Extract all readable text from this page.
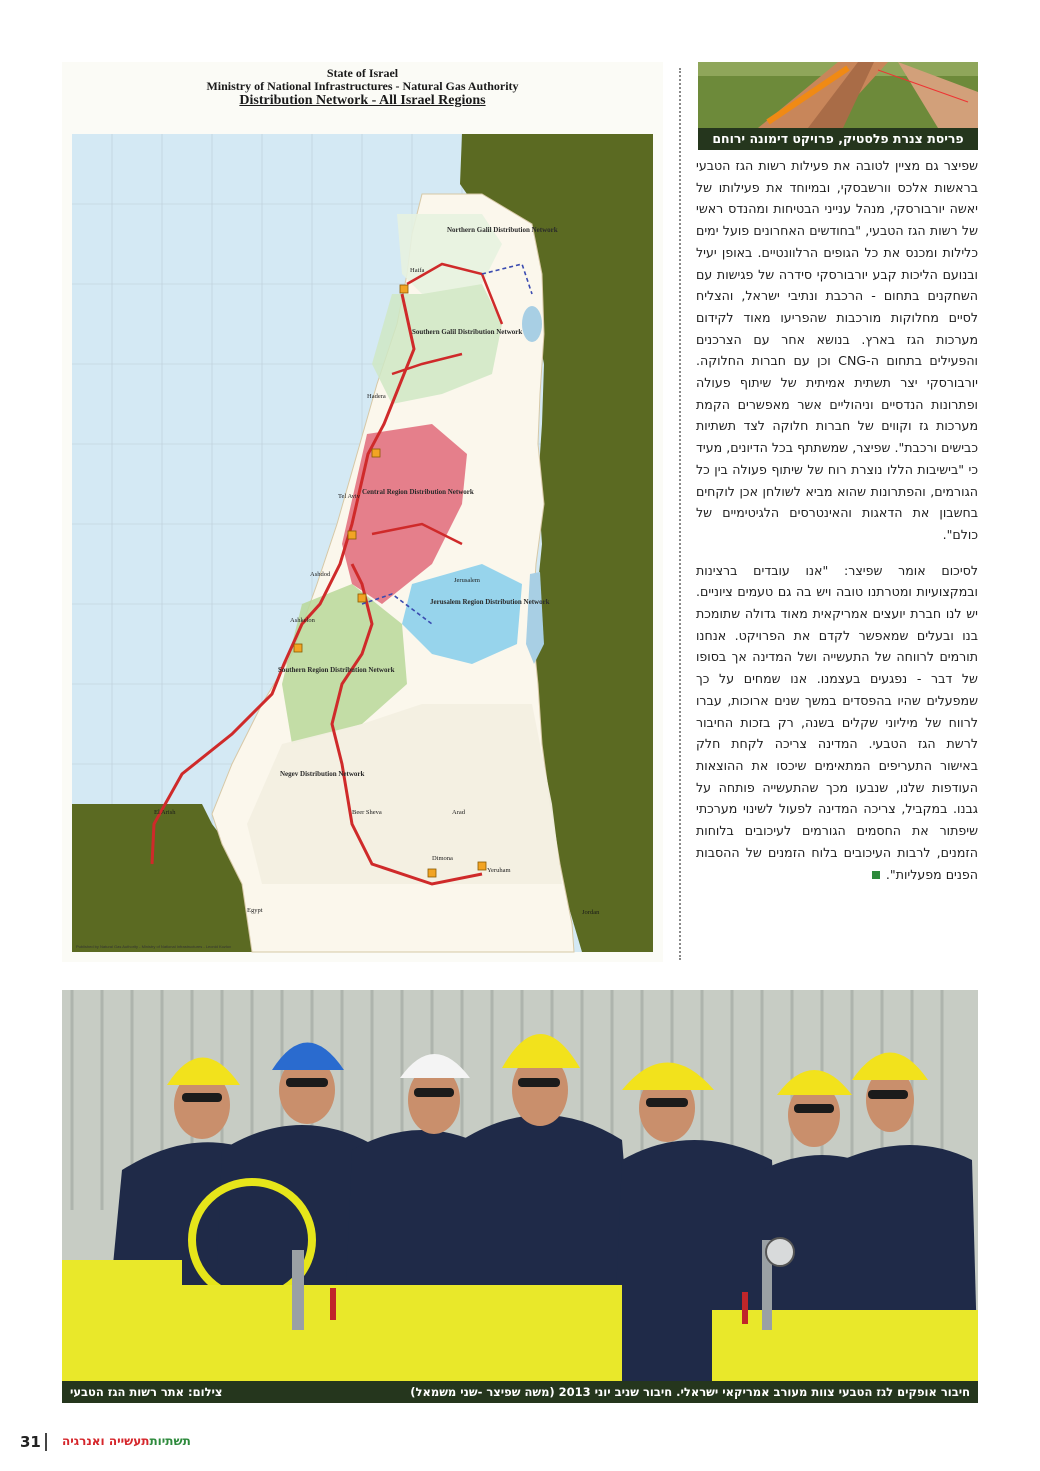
State of Israel
Ministry of National Infrastructures - Natural Gas Authority
Distribution Network - All Israel Regions
Northern Galil Distribution Network
Southern Galil Distribution Network
Central Region Distribution Network
Jerusalem Region Distribution Network
Southern Region Distribution Network
Negev Distribution Network
Haifa
Hadera
Tel Aviv
Ashdod
Ashkelon
Jerusalem
Beer Sheva
Dimona
Yeruham
El Arish	Arad
Egypt	Jordan
Published by Natural Gas Authority - Ministry of National Infrastructures - Leonid Kozlov
פריסת צנרת פלסטיק, פרויקט דימונה ירוחם

שפיצר גם מציין לטובה את פעילות רשות הגז הטבעי בראשות אלכס וורשבסקי, ובמיוחד את פעילותו של יאשה יורבורסקי, מנהל ענייני הבטיחות ומהנדס ראשי של רשות הגז הטבעי, "בחודשים האחרונים פועל ימים כלילות ומכנס את כל הגופים הרלוונטיים. באופן יעיל ובנועם הליכות קבע יורבורסקי סידרה של פגישות עם השחקנים בתחום - הרכבת ונתיבי ישראל, והצליח לסיים מחלוקות מורכבות שהפריעו מאוד לקידום מערכות הגז בארץ. בנושא אחר עם הצרכנים והפעילים בתחום ה-CNG וכן עם חברות החלוקה. יורבורסקי יצר תשתית אמיתית של שיתוף פעולה ופתרונות הנדסיים וניהוליים אשר מאפשרים הקמת מערכות גז וקווים של חברות חלוקה לצד תשתיות כבישים ורכבת". שפיצר, שמשתתף בכל הדיונים, מעיד כי "בישיבות הללו נוצרת רוח של שיתוף פעולה בין כל הגורמים, והפתרונות שהוא מביא לשולחן אכן לוקחים בחשבון את הדאגות והאינטרסים הלגיטימיים של כולם".

לסיכום אומר שפיצר: "אנו עובדים ברצינות ובמקצועיות ומטרתנו טובה ויש בה גם טעמים ציוניים. יש לנו חברת יועצים אמריקאית מאוד גדולה שתומכת בנו ובעלים שמאפשר לקדם את הפרויקט. אנחנו תורמים לרווחה של התעשייה ושל המדינה אך בסופו של דבר - נפגעים בעצמנו. אנו שמחים על כך שמפעלים שהיו בהפסדים במשך שנים ארוכות, עברו לרווח של מיליוני שקלים בשנה, רק בזכות החיבור לרשת הגז הטבעי. המדינה צריכה לקחת חלק באישור התעריפים המתאימים שיכסו את ההוצאות העודפות שלנו, שנבעו מכך שהתעשייה פותחה על גבנו. במקביל, צריכה המדינה לפעול לשינוי מערכתי שיפתור את החסמים הגורמים לעיכובים בלוחות הזמנים, לרבות העיכובים בלוח הזמנים של ההסבות הפנים מפעליות".

חיבור אופקים לגז הטבעי צוות מעורב אמריקאי ישראלי. חיבור שניב יוני 2013 (משה שפיצר -שני משמאל)
צילום: אתר רשות הגז הטבעי
31	תשתיותתעשייה ואנרגיה
